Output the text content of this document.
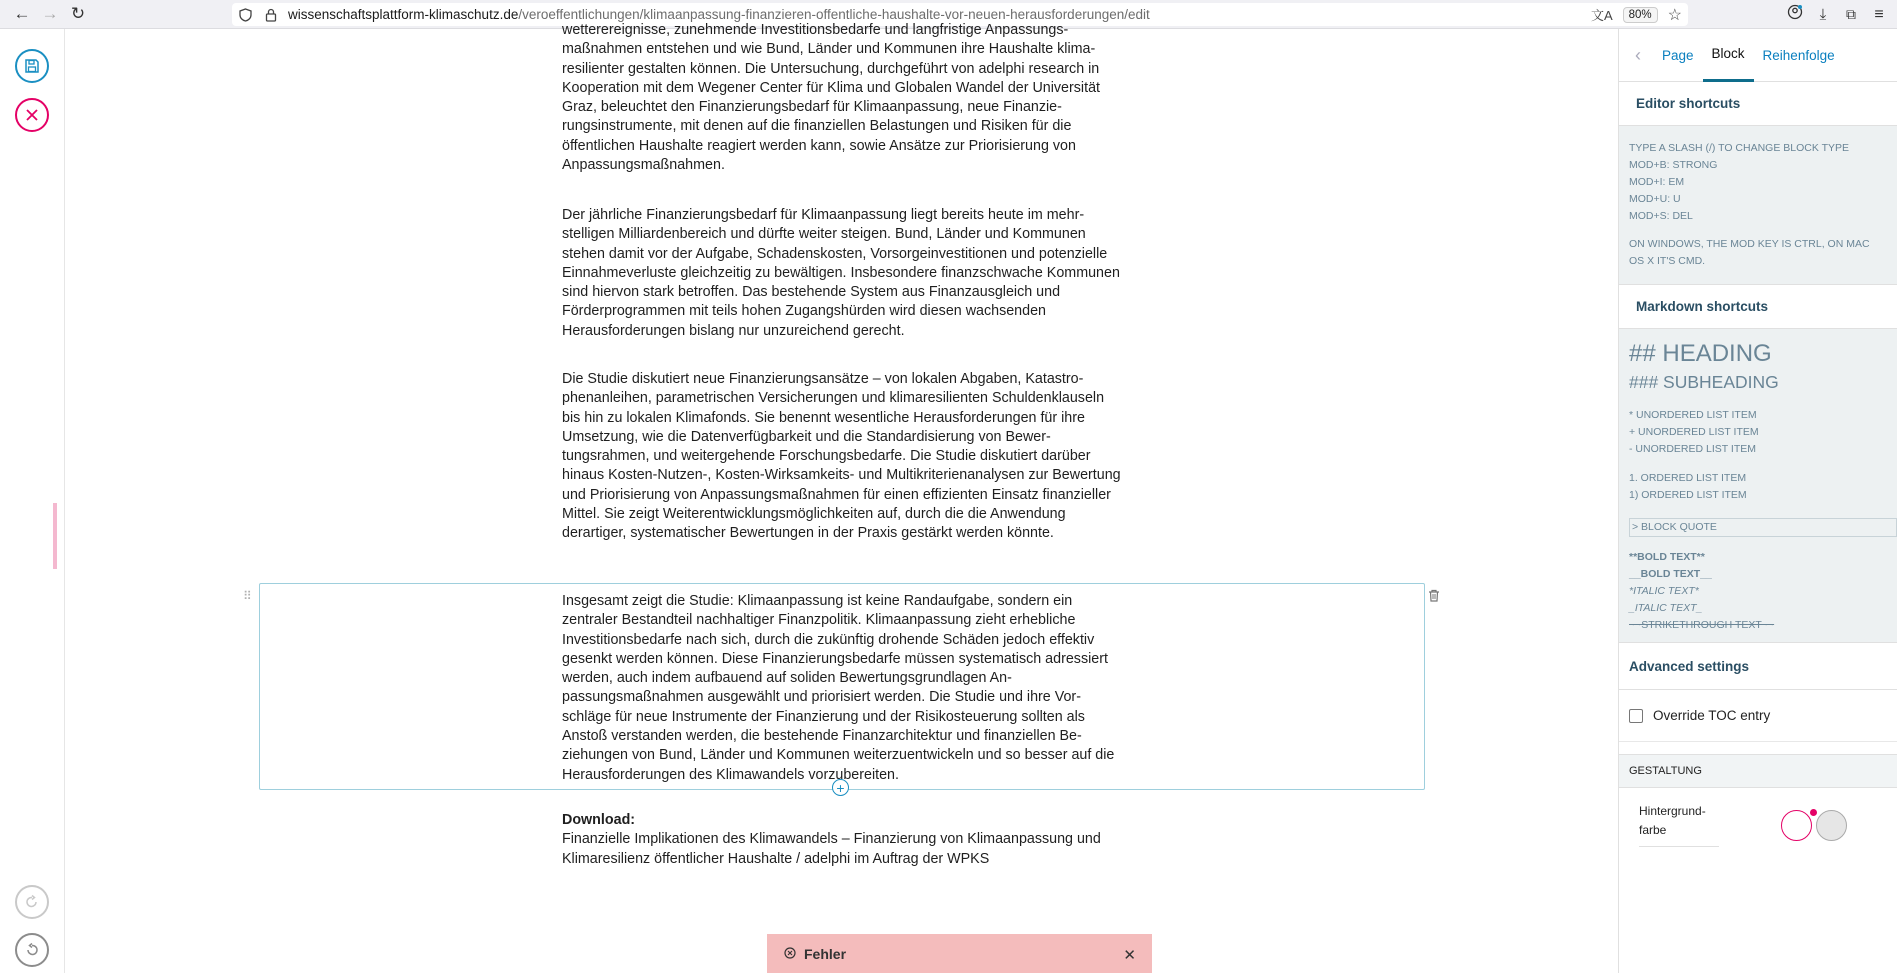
← → ↻	wissenschaftsplattform-klimaschutz.de/veroeffentlichungen/klimaanpassung-finanzieren-offentliche-haushalte-vor-neuen-herausforderungen/edit	文A	80%	☆	⤓	⧉	≡
⠿
+
wetterereignisse, zunehmende Investitionsbedarfe und langfristige Anpassungsmaßnahmen entstehen und wie Bund, Länder und Kommunen ihre Haushalte klimaresilienter gestalten können. Die Untersuchung, durchgeführt von adelphi research in Kooperation mit dem Wegener Center für Klima und Globalen Wandel der Universität Graz, beleuchtet den Finanzierungsbedarf für Klimaanpassung, neue Finanzierungsinstrumente, mit denen auf die finanziellen Belastungen und Risiken für die öffentlichen Haushalte reagiert werden kann, sowie Ansätze zur Priorisierung von Anpassungsmaßnahmen.
Der jährliche Finanzierungsbedarf für Klimaanpassung liegt bereits heute im mehrstelligen Milliardenbereich und dürfte weiter steigen. Bund, Länder und Kommunen stehen damit vor der Aufgabe, Schadenskosten, Vorsorgeinvestitionen und potenzielle Einnahmeverluste gleichzeitig zu bewältigen. Insbesondere finanzschwache Kommunen sind hiervon stark betroffen. Das bestehende System aus Finanzausgleich und Förderprogrammen mit teils hohen Zugangshürden wird diesen wachsenden Herausforderungen bislang nur unzureichend gerecht.
Die Studie diskutiert neue Finanzierungsansätze – von lokalen Abgaben, Katastrophenanleihen, parametrischen Versicherungen und klimaresilienten Schuldenklauseln bis hin zu lokalen Klimafonds. Sie benennt wesentliche Herausforderungen für ihre Umsetzung, wie die Datenverfügbarkeit und die Standardisierung von Bewertungsrahmen, und weitergehende Forschungsbedarfe. Die Studie diskutiert darüber hinaus Kosten-Nutzen-, Kosten-Wirksamkeits- und Multikriterienanalysen zur Bewertung und Priorisierung von Anpassungsmaßnahmen für einen effizienten Einsatz finanzieller Mittel. Sie zeigt Weiterentwicklungsmöglichkeiten auf, durch die die Anwendung derartiger, systematischer Bewertungen in der Praxis gestärkt werden könnte.
Insgesamt zeigt die Studie: Klimaanpassung ist keine Randaufgabe, sondern ein zentraler Bestandteil nachhaltiger Finanzpolitik. Klimaanpassung zieht erhebliche Investitionsbedarfe nach sich, durch die zukünftig drohende Schäden jedoch effektiv gesenkt werden können. Diese Finanzierungsbedarfe müssen systematisch adressiert werden, auch indem aufbauend auf soliden Bewertungsgrundlagen Anpassungsmaßnahmen ausgewählt und priorisiert werden. Die Studie und ihre Vorschläge für neue Instrumente der Finanzierung und der Risikosteuerung sollten als Anstoß verstanden werden, die bestehende Finanzarchitektur und finanziellen Beziehungen von Bund, Länder und Kommunen weiterzuentwickeln und so besser auf die Herausforderungen des Klimawandels vorzubereiten.
Download:
Finanzielle Implikationen des Klimawandels – Finanzierung von Klimaanpassung und Klimaresilienz öffentlicher Haushalte / adelphi im Auftrag der WPKS
‹	Page	Block	Reihenfolge
Editor shortcuts
TYPE A SLASH (/) TO CHANGE BLOCK TYPE
MOD+B: STRONG
MOD+I: EM
MOD+U: U
MOD+S: DEL
ON WINDOWS, THE MOD KEY IS CTRL, ON MAC OS X IT'S CMD.
Markdown shortcuts
## HEADING
### SUBHEADING
* UNORDERED LIST ITEM
+ UNORDERED LIST ITEM
- UNORDERED LIST ITEM
1. ORDERED LIST ITEM
1) ORDERED LIST ITEM
> BLOCK QUOTE
**BOLD TEXT**
__BOLD TEXT__
*ITALIC TEXT*
_ITALIC TEXT_
~~STRIKETHROUGH TEXT~~
Advanced settings
Override TOC entry
GESTALTUNG
Hintergrundfarbe
Fehler	✕
